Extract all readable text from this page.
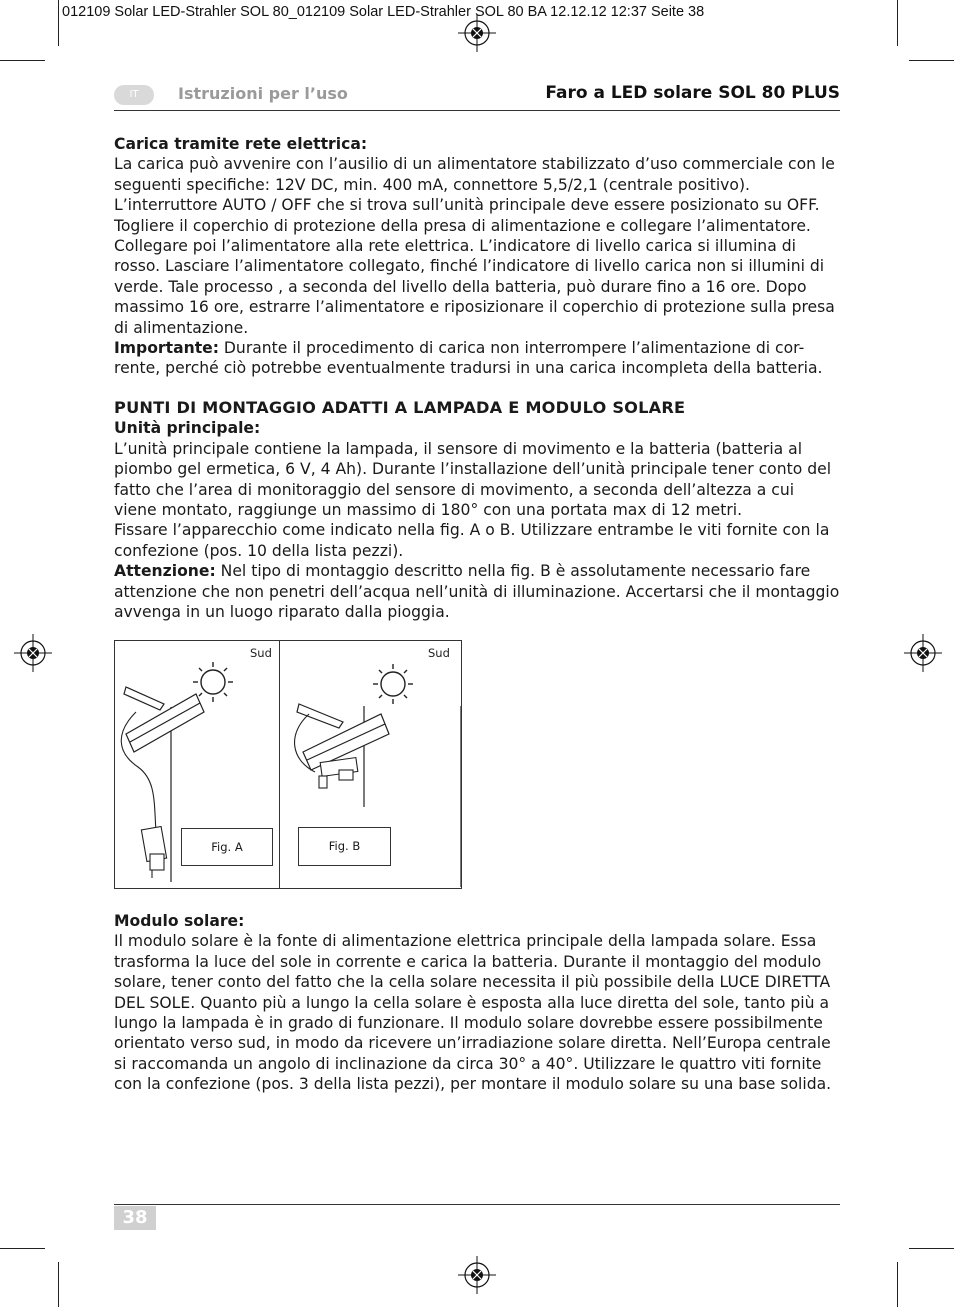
012109 Solar LED-Strahler SOL 80_012109 Solar LED-Strahler SOL 80 BA 12.12.12 12:37 Seite 38
IT	Istruzioni per l’uso	Faro a LED solare SOL 80 PLUS

Carica tramite rete elettrica:

La carica può avvenire con l’ausilio di un alimentatore stabilizzato d’uso commerciale con le seguenti specifiche: 12V DC, min. 400 mA, connettore 5,5/2,1 (centrale positivo). L’interruttore AUTO / OFF che si trova sull’unità principale deve essere posizionato su OFF. Togliere il coperchio di protezione della presa di alimentazione e collegare l’alimentatore. Collegare poi l’alimentatore alla rete elettrica. L’indicatore di livello carica si illumina di rosso. Lasciare l’alimentatore collegato, finché l’indicatore di livello carica non si illumini di verde. Tale processo , a seconda del livello della batteria, può durare fino a 16 ore. Dopo massimo 16 ore, estrarre l’alimentatore e riposizionare il coperchio di protezione sulla presa di alimentazione.

Importante: Durante il procedimento di carica non interrompere l’alimentazione di cor-rente, perché ciò potrebbe eventualmente tradursi in una carica incompleta della batteria.

PUNTI DI MONTAGGIO ADATTI A LAMPADA E MODULO SOLARE

Unità principale:

L’unità principale contiene la lampada, il sensore di movimento e la batteria (batteria al piombo gel ermetica, 6 V, 4 Ah). Durante l’installazione dell’unità principale tener conto del fatto che l’area di monitoraggio del sensore di movimento, a seconda dell’altezza a cui viene montato, raggiunge un massimo di 180° con una portata max di 12 metri.

Fissare l’apparecchio come indicato nella fig. A o B. Utilizzare entrambe le viti fornite con la confezione (pos. 10 della lista pezzi).

Attenzione: Nel tipo di montaggio descritto nella fig. B è assolutamente necessario fare attenzione che non penetri dell’acqua nell’unità di illuminazione. Accertarsi che il montaggio avvenga in un luogo riparato dalla pioggia.

Sud	Sud
Fig. A	Fig. B

Modulo solare:

Il modulo solare è la fonte di alimentazione elettrica principale della lampada solare. Essa trasforma la luce del sole in corrente e carica la batteria. Durante il montaggio del modulo solare, tener conto del fatto che la cella solare necessita il più possibile della LUCE DIRETTA DEL SOLE. Quanto più a lungo la cella solare è esposta alla luce diretta del sole, tanto più a lungo la lampada è in grado di funzionare. Il modulo solare dovrebbe essere possibilmente orientato verso sud, in modo da ricevere un’irradiazione solare diretta. Nell’Europa centrale si raccomanda un angolo di inclinazione da circa 30° a 40°. Utilizzare le quattro viti fornite con la confezione (pos. 3 della lista pezzi), per montare il modulo solare su una base solida.

38
